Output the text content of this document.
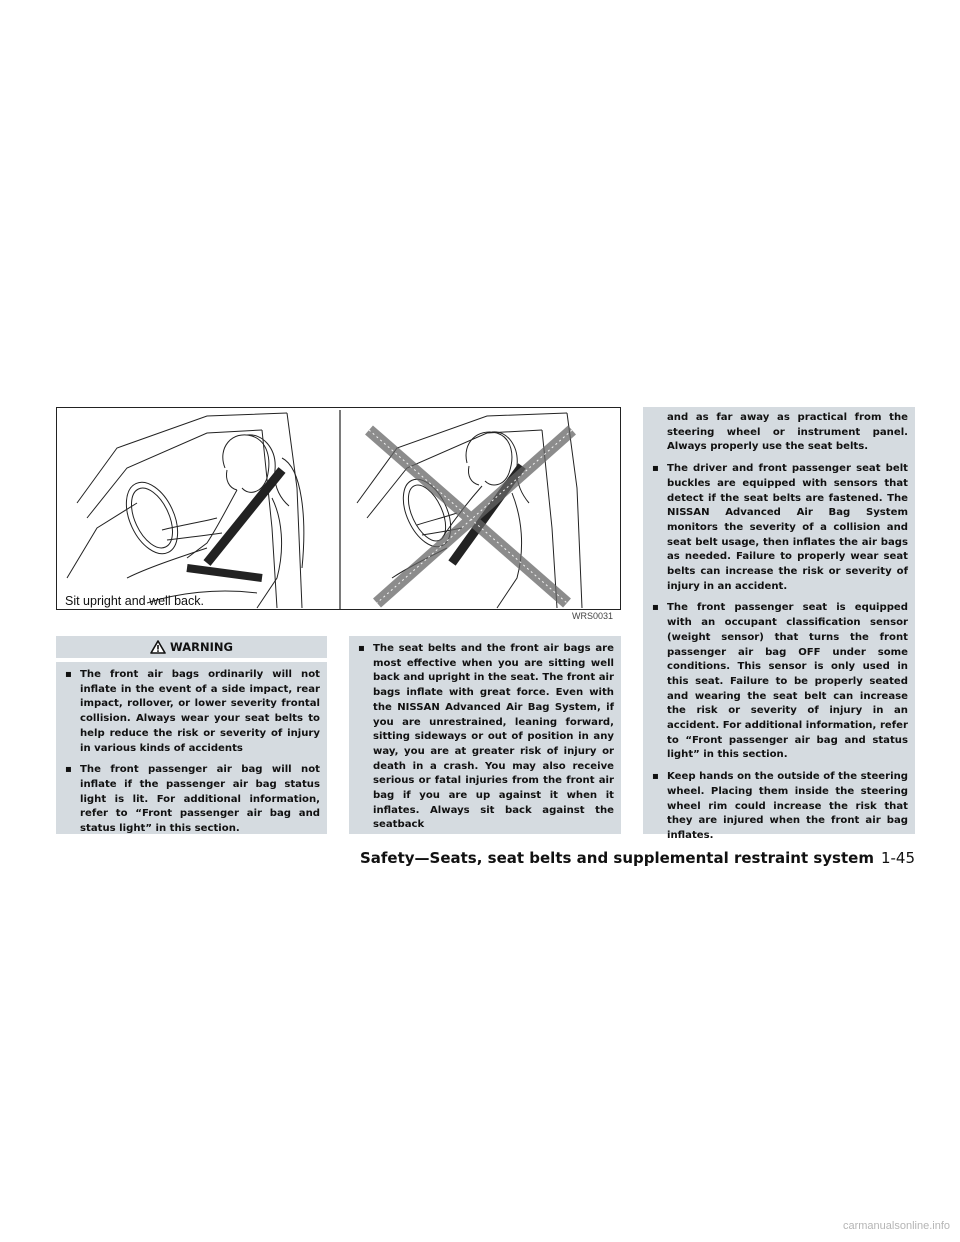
Sit upright and well back.
WRS0031
WARNING
▪ The front air bags ordinarily will not inflate in the event of a side impact, rear impact, rollover, or lower severity frontal collision. Always wear your seat belts to help reduce the risk or severity of injury in various kinds of accidents
▪ The front passenger air bag will not inflate if the passenger air bag status light is lit. For additional information, refer to “Front passenger air bag and status light” in this section.
▪ The seat belts and the front air bags are most effective when you are sitting well back and upright in the seat. The front air bags inflate with great force. Even with the NISSAN Advanced Air Bag System, if you are unrestrained, leaning forward, sitting sideways or out of position in any way, you are at greater risk of injury or death in a crash. You may also receive serious or fatal injuries from the front air bag if you are up against it when it inflates. Always sit back against the seatback
and as far away as practical from the steering wheel or instrument panel. Always properly use the seat belts.
▪ The driver and front passenger seat belt buckles are equipped with sensors that detect if the seat belts are fastened. The NISSAN Advanced Air Bag System monitors the severity of a collision and seat belt usage, then inflates the air bags as needed. Failure to properly wear seat belts can increase the risk or severity of injury in an accident.
▪ The front passenger seat is equipped with an occupant classification sensor (weight sensor) that turns the front passenger air bag OFF under some conditions. This sensor is only used in this seat. Failure to be properly seated and wearing the seat belt can increase the risk or severity of injury in an accident. For additional information, refer to “Front passenger air bag and status light” in this section.
▪ Keep hands on the outside of the steering wheel. Placing them inside the steering wheel rim could increase the risk that they are injured when the front air bag inflates.
Safety—Seats, seat belts and supplemental restraint system 1-45
carmanualsonline.info
